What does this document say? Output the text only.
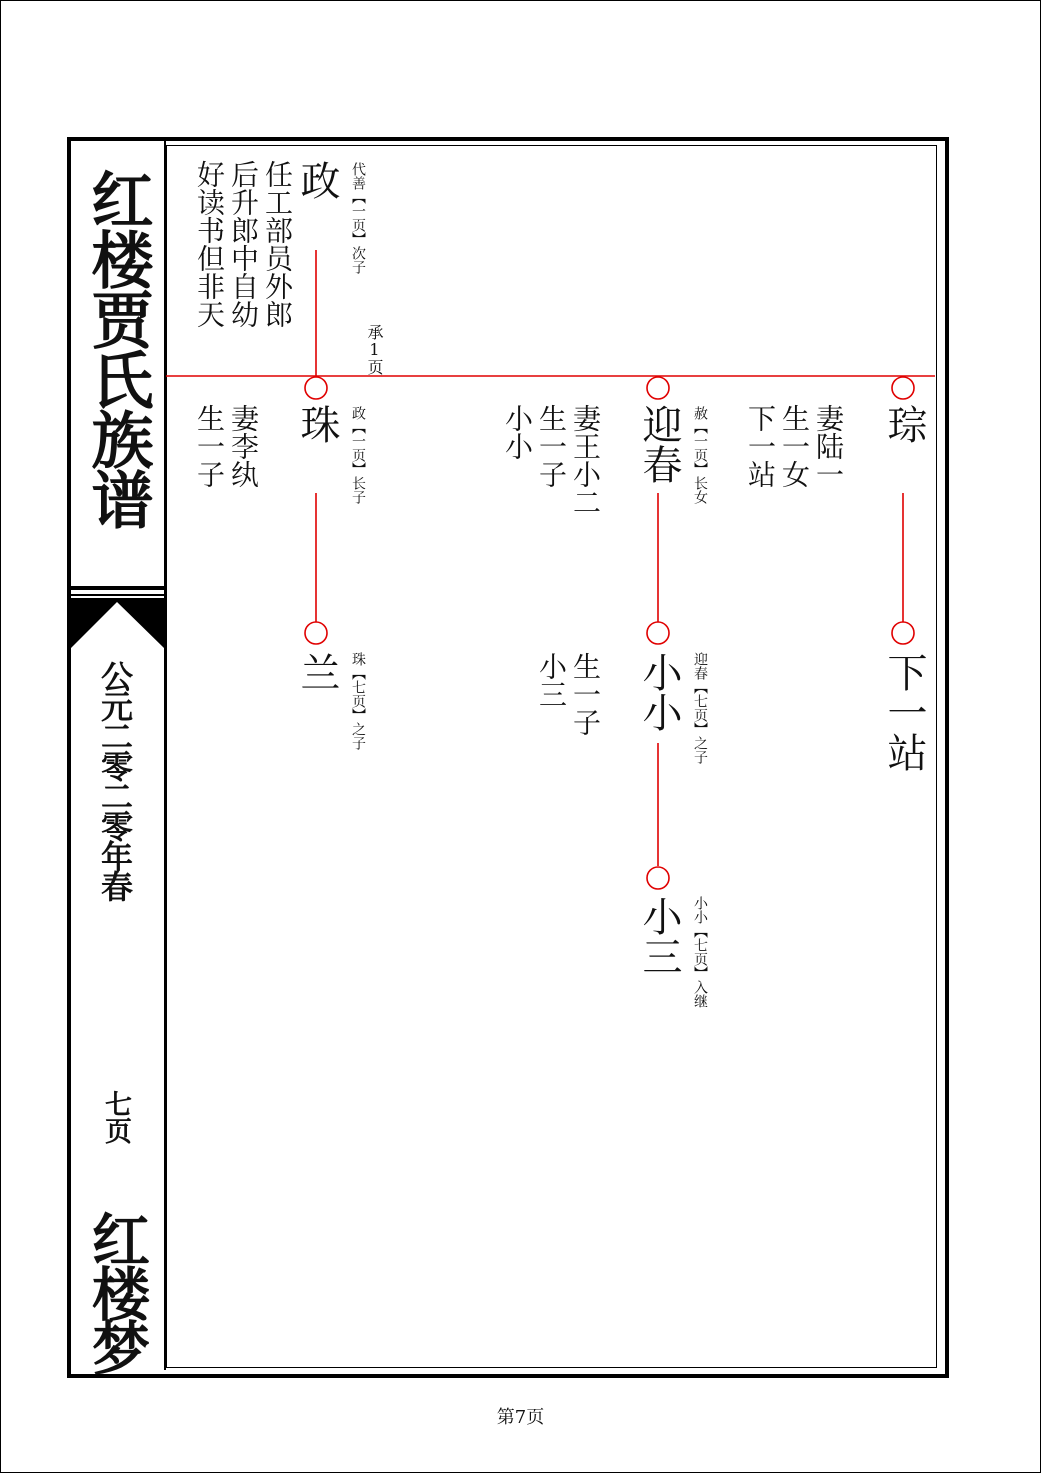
红楼贾氏族谱
公元二零二零年春
七页
红楼梦
政 代善【一页】次子
任工部员外郎
后升郎中自幼
好读书但非天
承1页
珠 政【一页】长子
妻李纨
生一子
兰 珠【七页】之子
迎春 赦【一页】长女
妻王小二
生一子
小小
小小 迎春【七页】之子
生一子
小三
小三 小小【七页】入继
琮
妻陆一
生一女
下一站
下一站
第7页
